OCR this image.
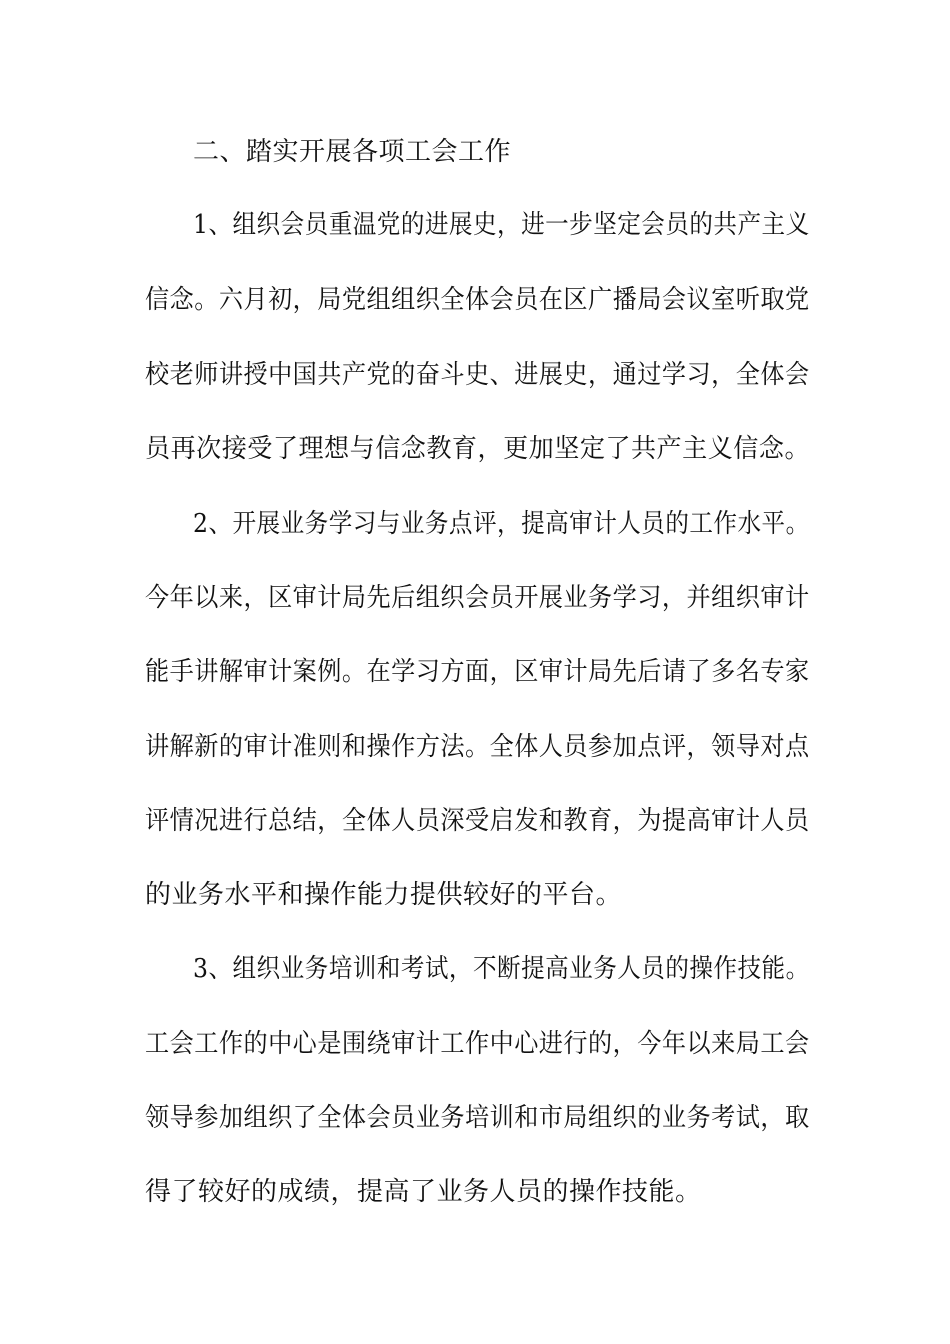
二、踏实开展各项工会工作
1、组织会员重温党的进展史，进一步坚定会员的共产主义
信念。六月初，局党组组织全体会员在区广播局会议室听取党
校老师讲授中国共产党的奋斗史、进展史，通过学习，全体会
员再次接受了理想与信念教育，更加坚定了共产主义信念。
2、开展业务学习与业务点评，提高审计人员的工作水平。
今年以来，区审计局先后组织会员开展业务学习，并组织审计
能手讲解审计案例。在学习方面，区审计局先后请了多名专家
讲解新的审计准则和操作方法。全体人员参加点评，领导对点
评情况进行总结，全体人员深受启发和教育，为提高审计人员
的业务水平和操作能力提供较好的平台。
3、组织业务培训和考试，不断提高业务人员的操作技能。
工会工作的中心是围绕审计工作中心进行的，今年以来局工会
领导参加组织了全体会员业务培训和市局组织的业务考试，取
得了较好的成绩，提高了业务人员的操作技能。
